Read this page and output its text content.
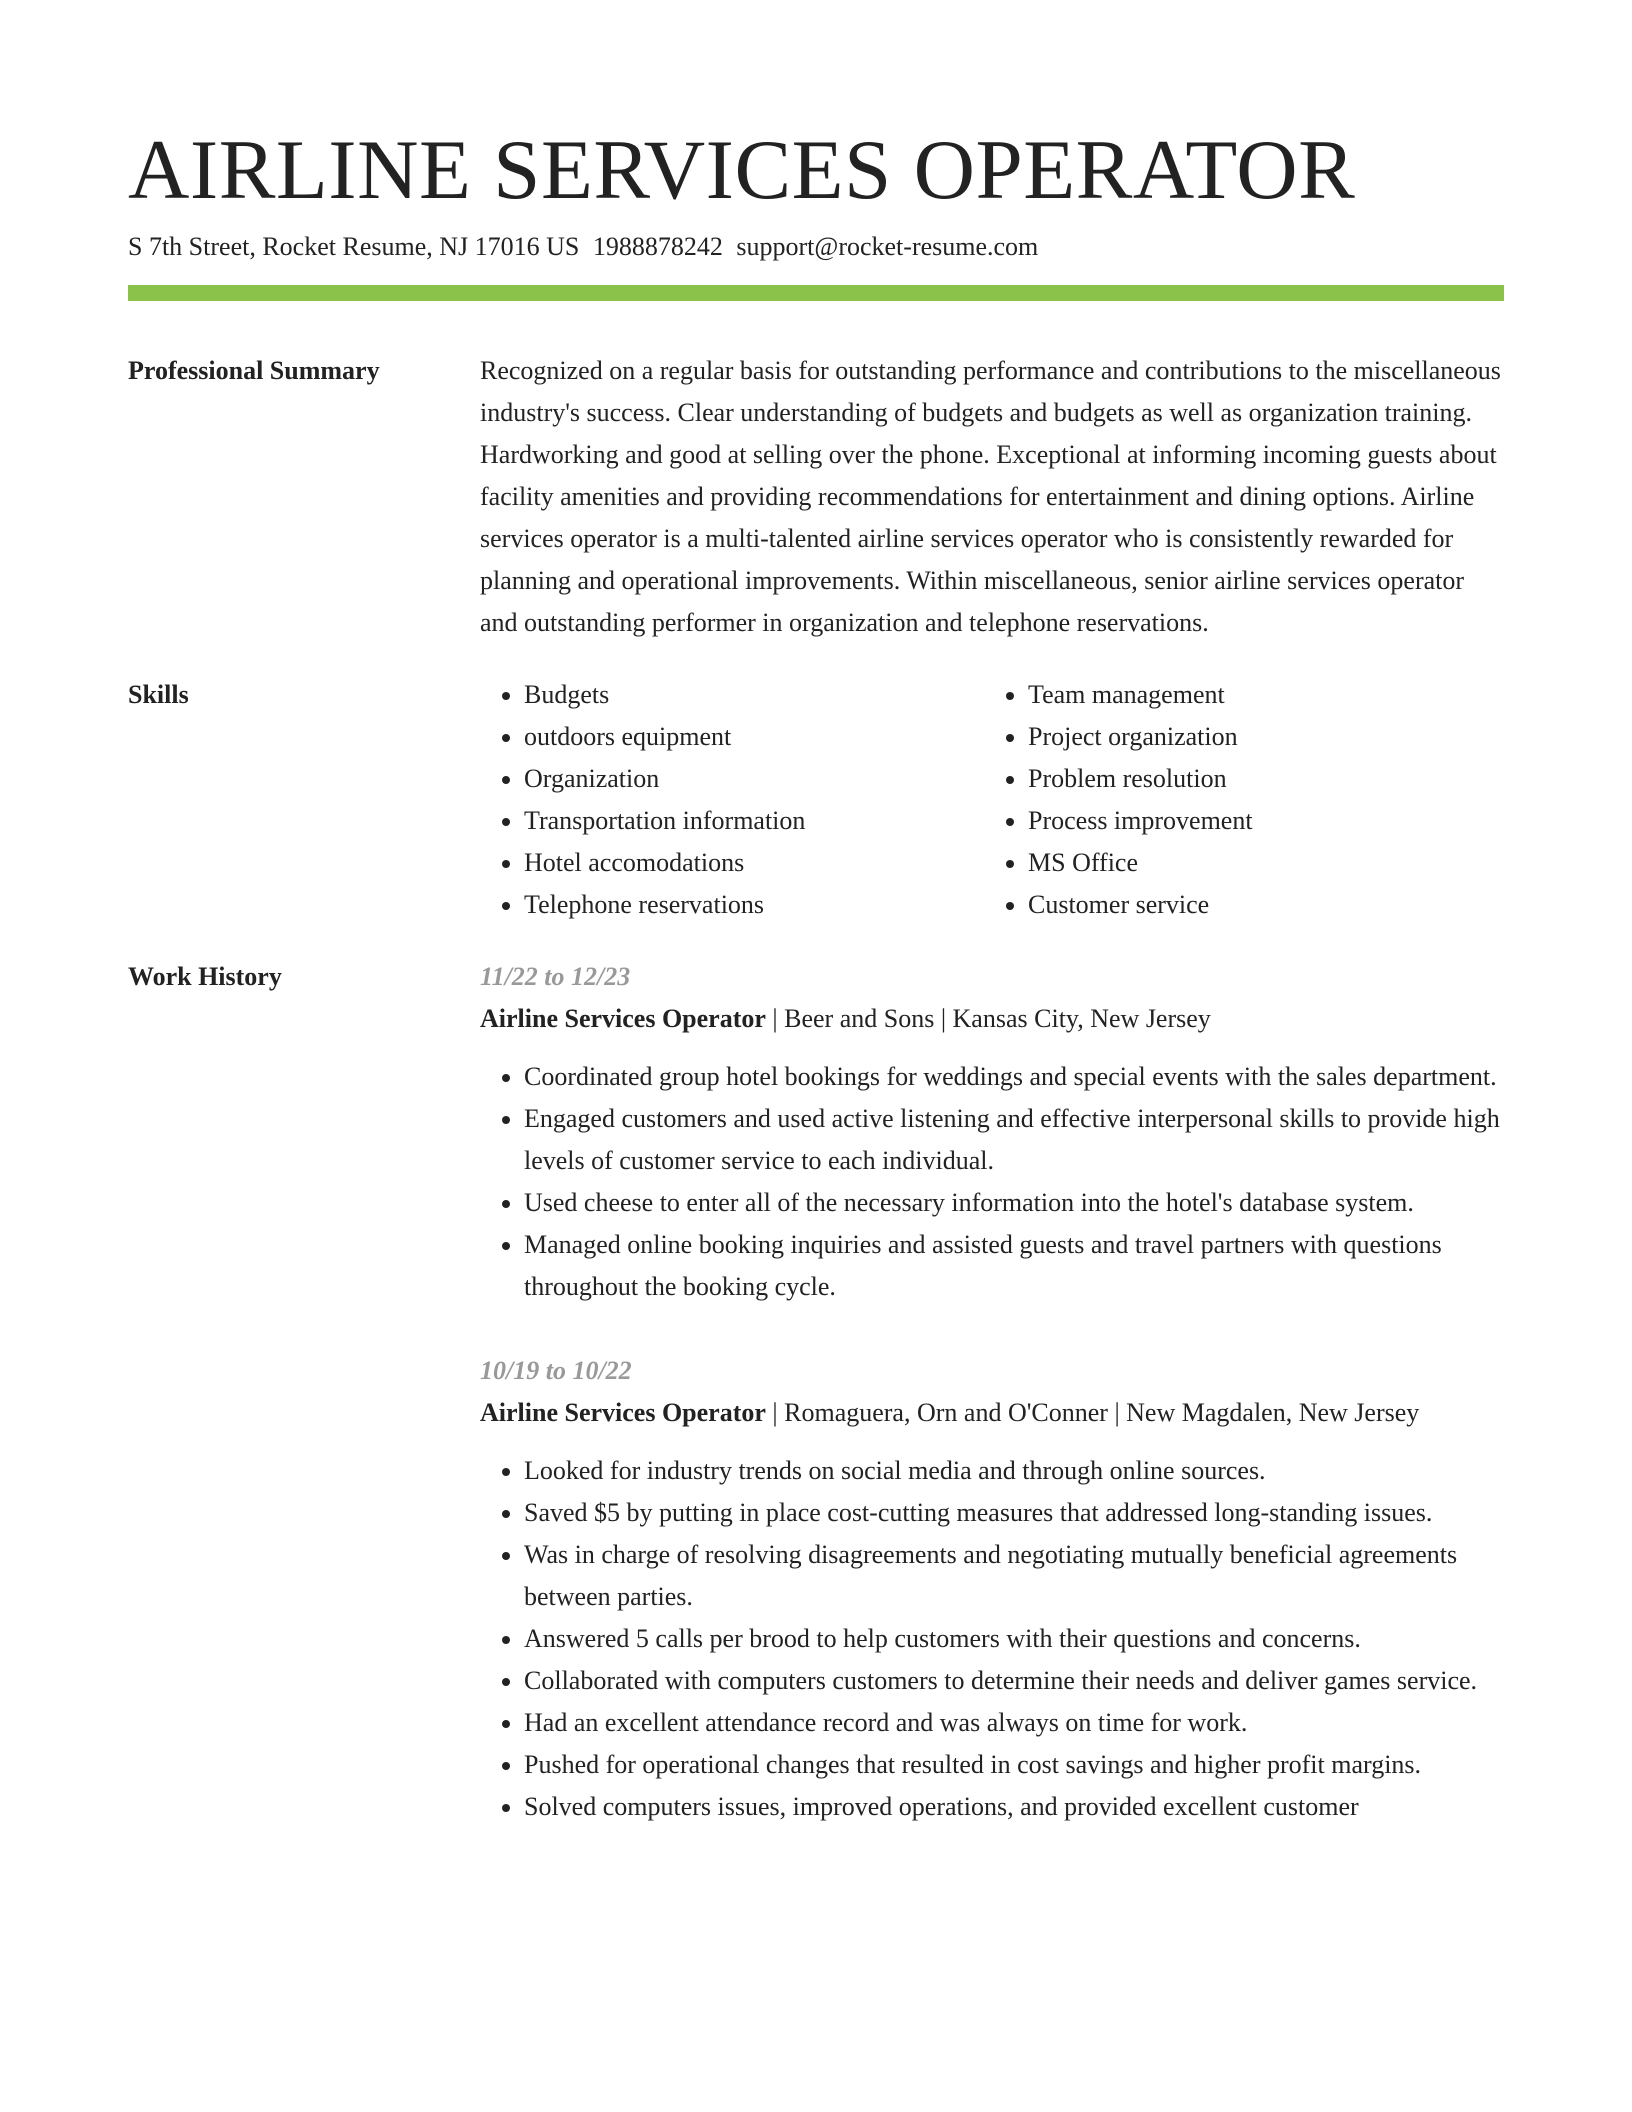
AIRLINE SERVICES OPERATOR
S 7th Street, Rocket Resume, NJ 17016 US 1988878242 support@rocket-resume.com
Professional Summary	Recognized on a regular basis for outstanding performance and contributions to the miscellaneous industry's success. Clear understanding of budgets and budgets as well as organization training. Hardworking and good at selling over the phone. Exceptional at informing incoming guests about facility amenities and providing recommendations for entertainment and dining options. Airline services operator is a multi-talented airline services operator who is consistently rewarded for planning and operational improvements. Within miscellaneous, senior airline services operator and outstanding performer in organization and telephone reservations.

Skills
•	Budgets
• outdoors equipment
• Organization
• Transportation information
• Hotel accomodations
• Telephone reservations
• Team management
• Project organization
• Problem resolution
• Process improvement
• MS Office
• Customer service
Work History	11/22 to 12/23
Airline Services Operator | Beer and Sons | Kansas City, New Jersey
• Coordinated group hotel bookings for weddings and special events with the sales department.
• Engaged customers and used active listening and effective interpersonal skills to provide high levels of customer service to each individual.
• Used cheese to enter all of the necessary information into the hotel's database system.
• Managed online booking inquiries and assisted guests and travel partners with questions throughout the booking cycle.
10/19 to 10/22
Airline Services Operator | Romaguera, Orn and O'Conner | New Magdalen, New Jersey
• Looked for industry trends on social media and through online sources.
• Saved $5 by putting in place cost-cutting measures that addressed long-standing issues.
• Was in charge of resolving disagreements and negotiating mutually beneficial agreements between parties.
• Answered 5 calls per brood to help customers with their questions and concerns.
• Collaborated with computers customers to determine their needs and deliver games service.
• Had an excellent attendance record and was always on time for work.
• Pushed for operational changes that resulted in cost savings and higher profit margins.
• Solved computers issues, improved operations, and provided excellent customer
